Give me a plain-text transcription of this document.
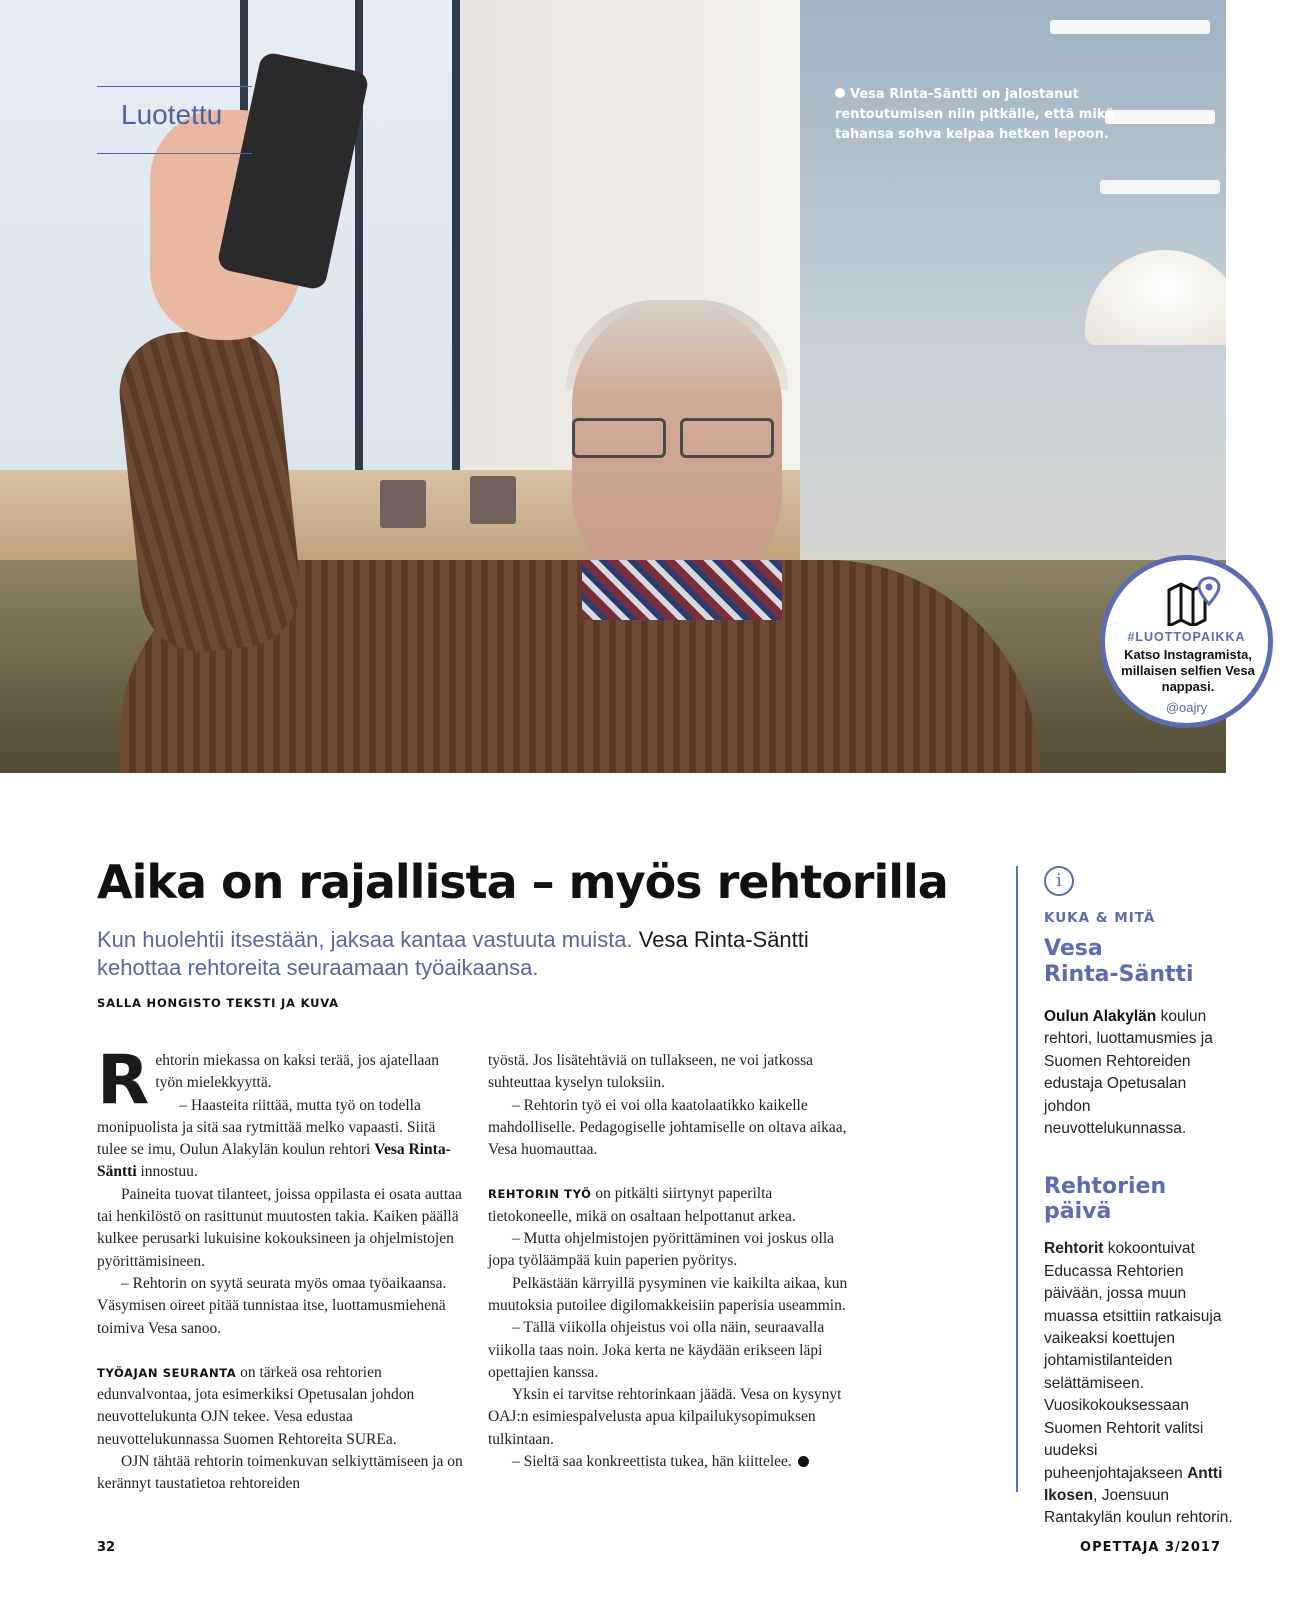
Luotettu
Vesa Rinta-Säntti on jalostanut rentoutumisen niin pitkälle, että mikä tahansa sohva kelpaa hetken lepoon.
#LUOTTOPAIKKA
Katso Instagramista, millaisen selfien Vesa nappasi.
@oajry
Aika on rajallista – myös rehtorilla
Kun huolehtii itsestään, jaksaa kantaa vastuuta muista. Vesa Rinta-Säntti kehottaa rehtoreita seuraamaan työaikaansa.
SALLA HONGISTO TEKSTI JA KUVA

Rehtorin miekassa on kaksi terää, jos ajatellaan työn mielekkyyttä.

– Haasteita riittää, mutta työ on todella monipuolista ja sitä saa rytmittää melko vapaasti. Siitä tulee se imu, Oulun Alakylän koulun rehtori Vesa Rinta-Säntti innostuu.

Paineita tuovat tilanteet, joissa oppilasta ei osata auttaa tai henkilöstö on rasittunut muutosten takia. Kaiken päällä kulkee perusarki lukuisine kokouksineen ja ohjelmistojen pyörittämisineen.

– Rehtorin on syytä seurata myös omaa työaikaansa. Väsymisen oireet pitää tunnistaa itse, luottamusmiehenä toimiva Vesa sanoo.

TYÖAJAN SEURANTA on tärkeä osa rehtorien edunvalvontaa, jota esimerkiksi Opetusalan johdon neuvottelukunta OJN tekee. Vesa edustaa neuvottelukunnassa Suomen Rehtoreita SUREa.

OJN tähtää rehtorin toimenkuvan selkiyttämiseen ja on kerännyt taustatietoa rehtoreiden

työstä. Jos lisätehtäviä on tullakseen, ne voi jatkossa suhteuttaa kyselyn tuloksiin.

– Rehtorin työ ei voi olla kaatolaatikko kaikelle mahdolliselle. Pedagogiselle johtamiselle on oltava aikaa, Vesa huomauttaa.

REHTORIN TYÖ on pitkälti siirtynyt paperilta tietokoneelle, mikä on osaltaan helpottanut arkea.

– Mutta ohjelmistojen pyörittäminen voi joskus olla jopa työläämpää kuin paperien pyöritys.

Pelkästään kärryillä pysyminen vie kaikilta aikaa, kun muutoksia putoilee digilomakkeisiin paperisia useammin.

– Tällä viikolla ohjeistus voi olla näin, seuraavalla viikolla taas noin. Joka kerta ne käydään erikseen läpi opettajien kanssa.

Yksin ei tarvitse rehtorinkaan jäädä. Vesa on kysynyt OAJ:n esimiespalvelusta apua kilpailukysopimuksen tulkintaan.

– Sieltä saa konkreettista tukea, hän kiittelee.

i
KUKA & MITÄ
Vesa
Rinta-Säntti
Oulun Alakylän koulun rehtori, luottamusmies ja Suomen Rehtoreiden edustaja Opetusalan johdon neuvottelukunnassa.
Rehtorien päivä
Rehtorit kokoontuivat Educassa Rehtorien päivään, jossa muun muassa etsittiin ratkaisuja vaikeaksi koettujen johtamistilanteiden selättämiseen. Vuosikokouksessaan Suomen Rehtorit valitsi uudeksi puheenjohtajakseen Antti Ikosen, Joensuun Rantakylän koulun rehtorin.
32	OPETTAJA 3/2017
